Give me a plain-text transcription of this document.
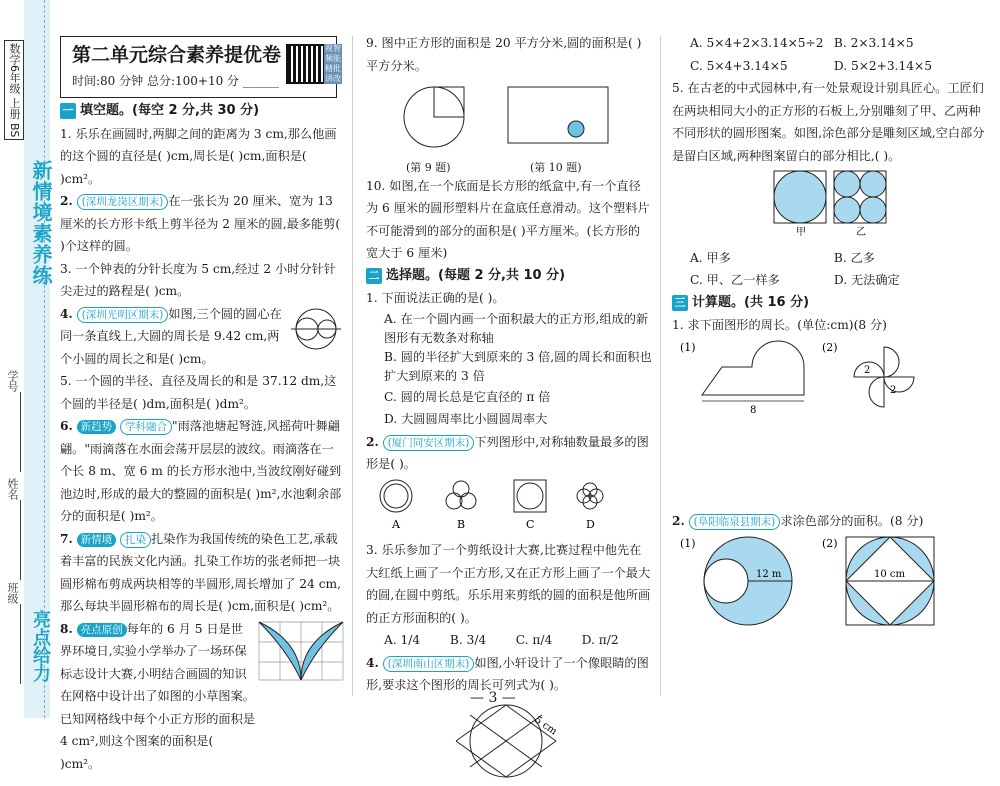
数学6年级 上册 BS
新情境素养练
亮点给力
学号
姓名
班级
第二单元综合素养提优卷
时间:80 分钟 总分:100+10 分 ______
视智 频能 精批 讲改
一 填空题。(每空 2 分,共 30 分)

1. 乐乐在画圆时,两脚之间的距离为 3 cm,那么他画的这个圆的直径是( )cm,周长是( )cm,面积是( )cm²。

2. (深圳龙岗区期末) 在一张长为 20 厘米、宽为 13 厘米的长方形卡纸上剪半径为 2 厘米的圆,最多能剪( )个这样的圆。

3. 一个钟表的分针长度为 5 cm,经过 2 小时分针针尖走过的路程是( )cm。

4. (深圳光明区期末) 如图,三个圆的圆心在同一条直线上,大圆的周长是 9.42 cm,两个小圆的周长之和是( )cm。

5. 一个圆的半径、直径及周长的和是 37.12 dm,这个圆的半径是( )dm,面积是( )dm²。

6. 新趋势 学科融合 "雨落池塘起弩涟,风摇荷叶舞翩翩。"雨滴落在水面会荡开层层的波纹。雨滴落在一个长 8 m、宽 6 m 的长方形水池中,当波纹刚好碰到池边时,形成的最大的整圆的面积是( )m²,水池剩余部分的面积是( )m²。

7. 新情境 扎染 扎染作为我国传统的染色工艺,承载着丰富的民族文化内涵。扎染工作坊的张老师把一块圆形棉布剪成两块相等的半圆形,周长增加了 24 cm,那么每块半圆形棉布的周长是( )cm,面积是( )cm²。

8. 亮点原创 每年的 6 月 5 日是世界环境日,实验小学举办了一场环保标志设计大赛,小明结合画圆的知识在网格中设计出了如图的小草图案。已知网格线中每个小正方形的面积是 4 cm²,则这个图案的面积是( )cm²。

9. 图中正方形的面积是 20 平方分米,圆的面积是( )平方分米。

(第 9 题)	(第 10 题)

10. 如图,在一个底面是长方形的纸盒中,有一个直径为 6 厘米的圆形塑料片在盒底任意滑动。这个塑料片不可能滑到的部分的面积是( )平方厘米。(长方形的宽大于 6 厘米)

二 选择题。(每题 2 分,共 10 分)

1. 下面说法正确的是( )。

A. 在一个圆内画一个面积最大的正方形,组成的新图形有无数条对称轴

B. 圆的半径扩大到原来的 3 倍,圆的周长和面积也扩大到原来的 3 倍

C. 圆的周长总是它直径的 π 倍

D. 大圆圆周率比小圆圆周率大

2. (厦门同安区期末) 下列图形中,对称轴数量最多的图形是( )。

A	B	C	D

3. 乐乐参加了一个剪纸设计大赛,比赛过程中他先在大红纸上画了一个正方形,又在正方形上画了一个最大的圆,在圆中剪纸。乐乐用来剪纸的圆的面积是他所画的正方形面积的( )。

A. 1/4 B. 3/4 C. π/4 D. π/2

4. (深圳南山区期末) 如图,小轩设计了一个像眼睛的图形,要求这个图形的周长可列式为( )。

5 cm
A. 5×4+2×3.14×5÷2 B. 2×3.14×5
C. 5×4+3.14×5	D. 5×2+3.14×5

5. 在古老的中式园林中,有一处景观设计别具匠心。工匠们在两块相同大小的正方形的石板上,分别雕刻了甲、乙两种不同形状的圆形图案。如图,涂色部分是雕刻区域,空白部分是留白区域,两种图案留白的部分相比,( )。

甲	乙
A. 甲多	B. 乙多
C. 甲、乙一样多	D. 无法确定
三 计算题。(共 16 分)

1. 求下面图形的周长。(单位:cm)(8 分)

(1)
8
(2)
2
2

2. (阜阳临泉县期末) 求涂色部分的面积。(8 分)

(1)
12 m
(2)
10 cm
— 3 —
